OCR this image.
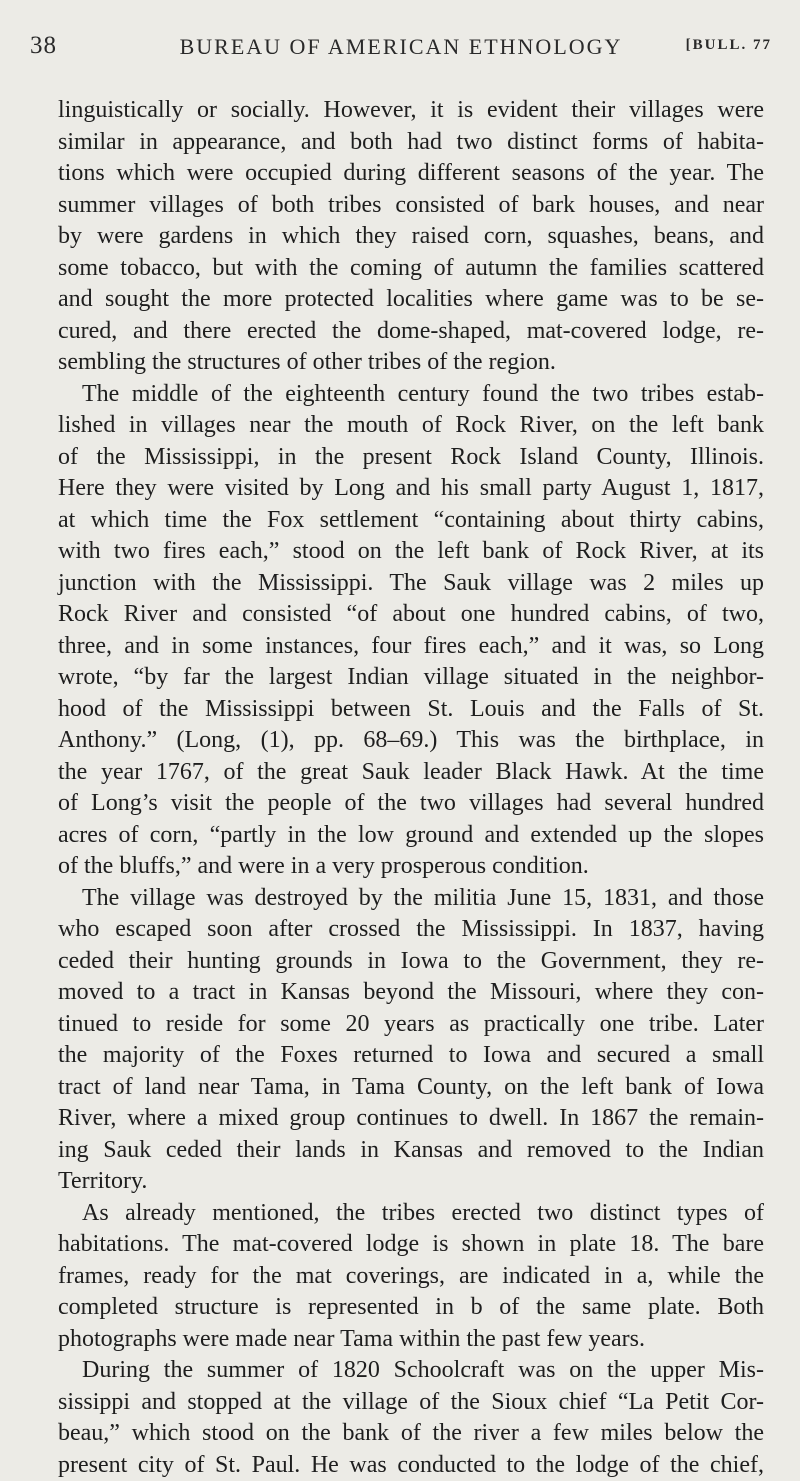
38	BUREAU OF AMERICAN ETHNOLOGY	[BULL. 77
linguistically or socially. However, it is evident their villages were
similar in appearance, and both had two distinct forms of habita-
tions which were occupied during different seasons of the year. The
summer villages of both tribes consisted of bark houses, and near
by were gardens in which they raised corn, squashes, beans, and
some tobacco, but with the coming of autumn the families scattered
and sought the more protected localities where game was to be se-
cured, and there erected the dome-shaped, mat-covered lodge, re-
sembling the structures of other tribes of the region.
The middle of the eighteenth century found the two tribes estab-
lished in villages near the mouth of Rock River, on the left bank
of the Mississippi, in the present Rock Island County, Illinois.
Here they were visited by Long and his small party August 1, 1817,
at which time the Fox settlement “containing about thirty cabins,
with two fires each,” stood on the left bank of Rock River, at its
junction with the Mississippi. The Sauk village was 2 miles up
Rock River and consisted “of about one hundred cabins, of two,
three, and in some instances, four fires each,” and it was, so Long
wrote, “by far the largest Indian village situated in the neighbor-
hood of the Mississippi between St. Louis and the Falls of St.
Anthony.” (Long, (1), pp. 68–69.) This was the birthplace, in
the year 1767, of the great Sauk leader Black Hawk. At the time
of Long’s visit the people of the two villages had several hundred
acres of corn, “partly in the low ground and extended up the slopes
of the bluffs,” and were in a very prosperous condition.
The village was destroyed by the militia June 15, 1831, and those
who escaped soon after crossed the Mississippi. In 1837, having
ceded their hunting grounds in Iowa to the Government, they re-
moved to a tract in Kansas beyond the Missouri, where they con-
tinued to reside for some 20 years as practically one tribe. Later
the majority of the Foxes returned to Iowa and secured a small
tract of land near Tama, in Tama County, on the left bank of Iowa
River, where a mixed group continues to dwell. In 1867 the remain-
ing Sauk ceded their lands in Kansas and removed to the Indian
Territory.
As already mentioned, the tribes erected two distinct types of
habitations. The mat-covered lodge is shown in plate 18. The bare
frames, ready for the mat coverings, are indicated in a, while the
completed structure is represented in b of the same plate. Both
photographs were made near Tama within the past few years.
During the summer of 1820 Schoolcraft was on the upper Mis-
sissippi and stopped at the village of the Sioux chief “La Petit Cor-
beau,” which stood on the bank of the river a few miles below the
present city of St. Paul. He was conducted to the lodge of the chief,
